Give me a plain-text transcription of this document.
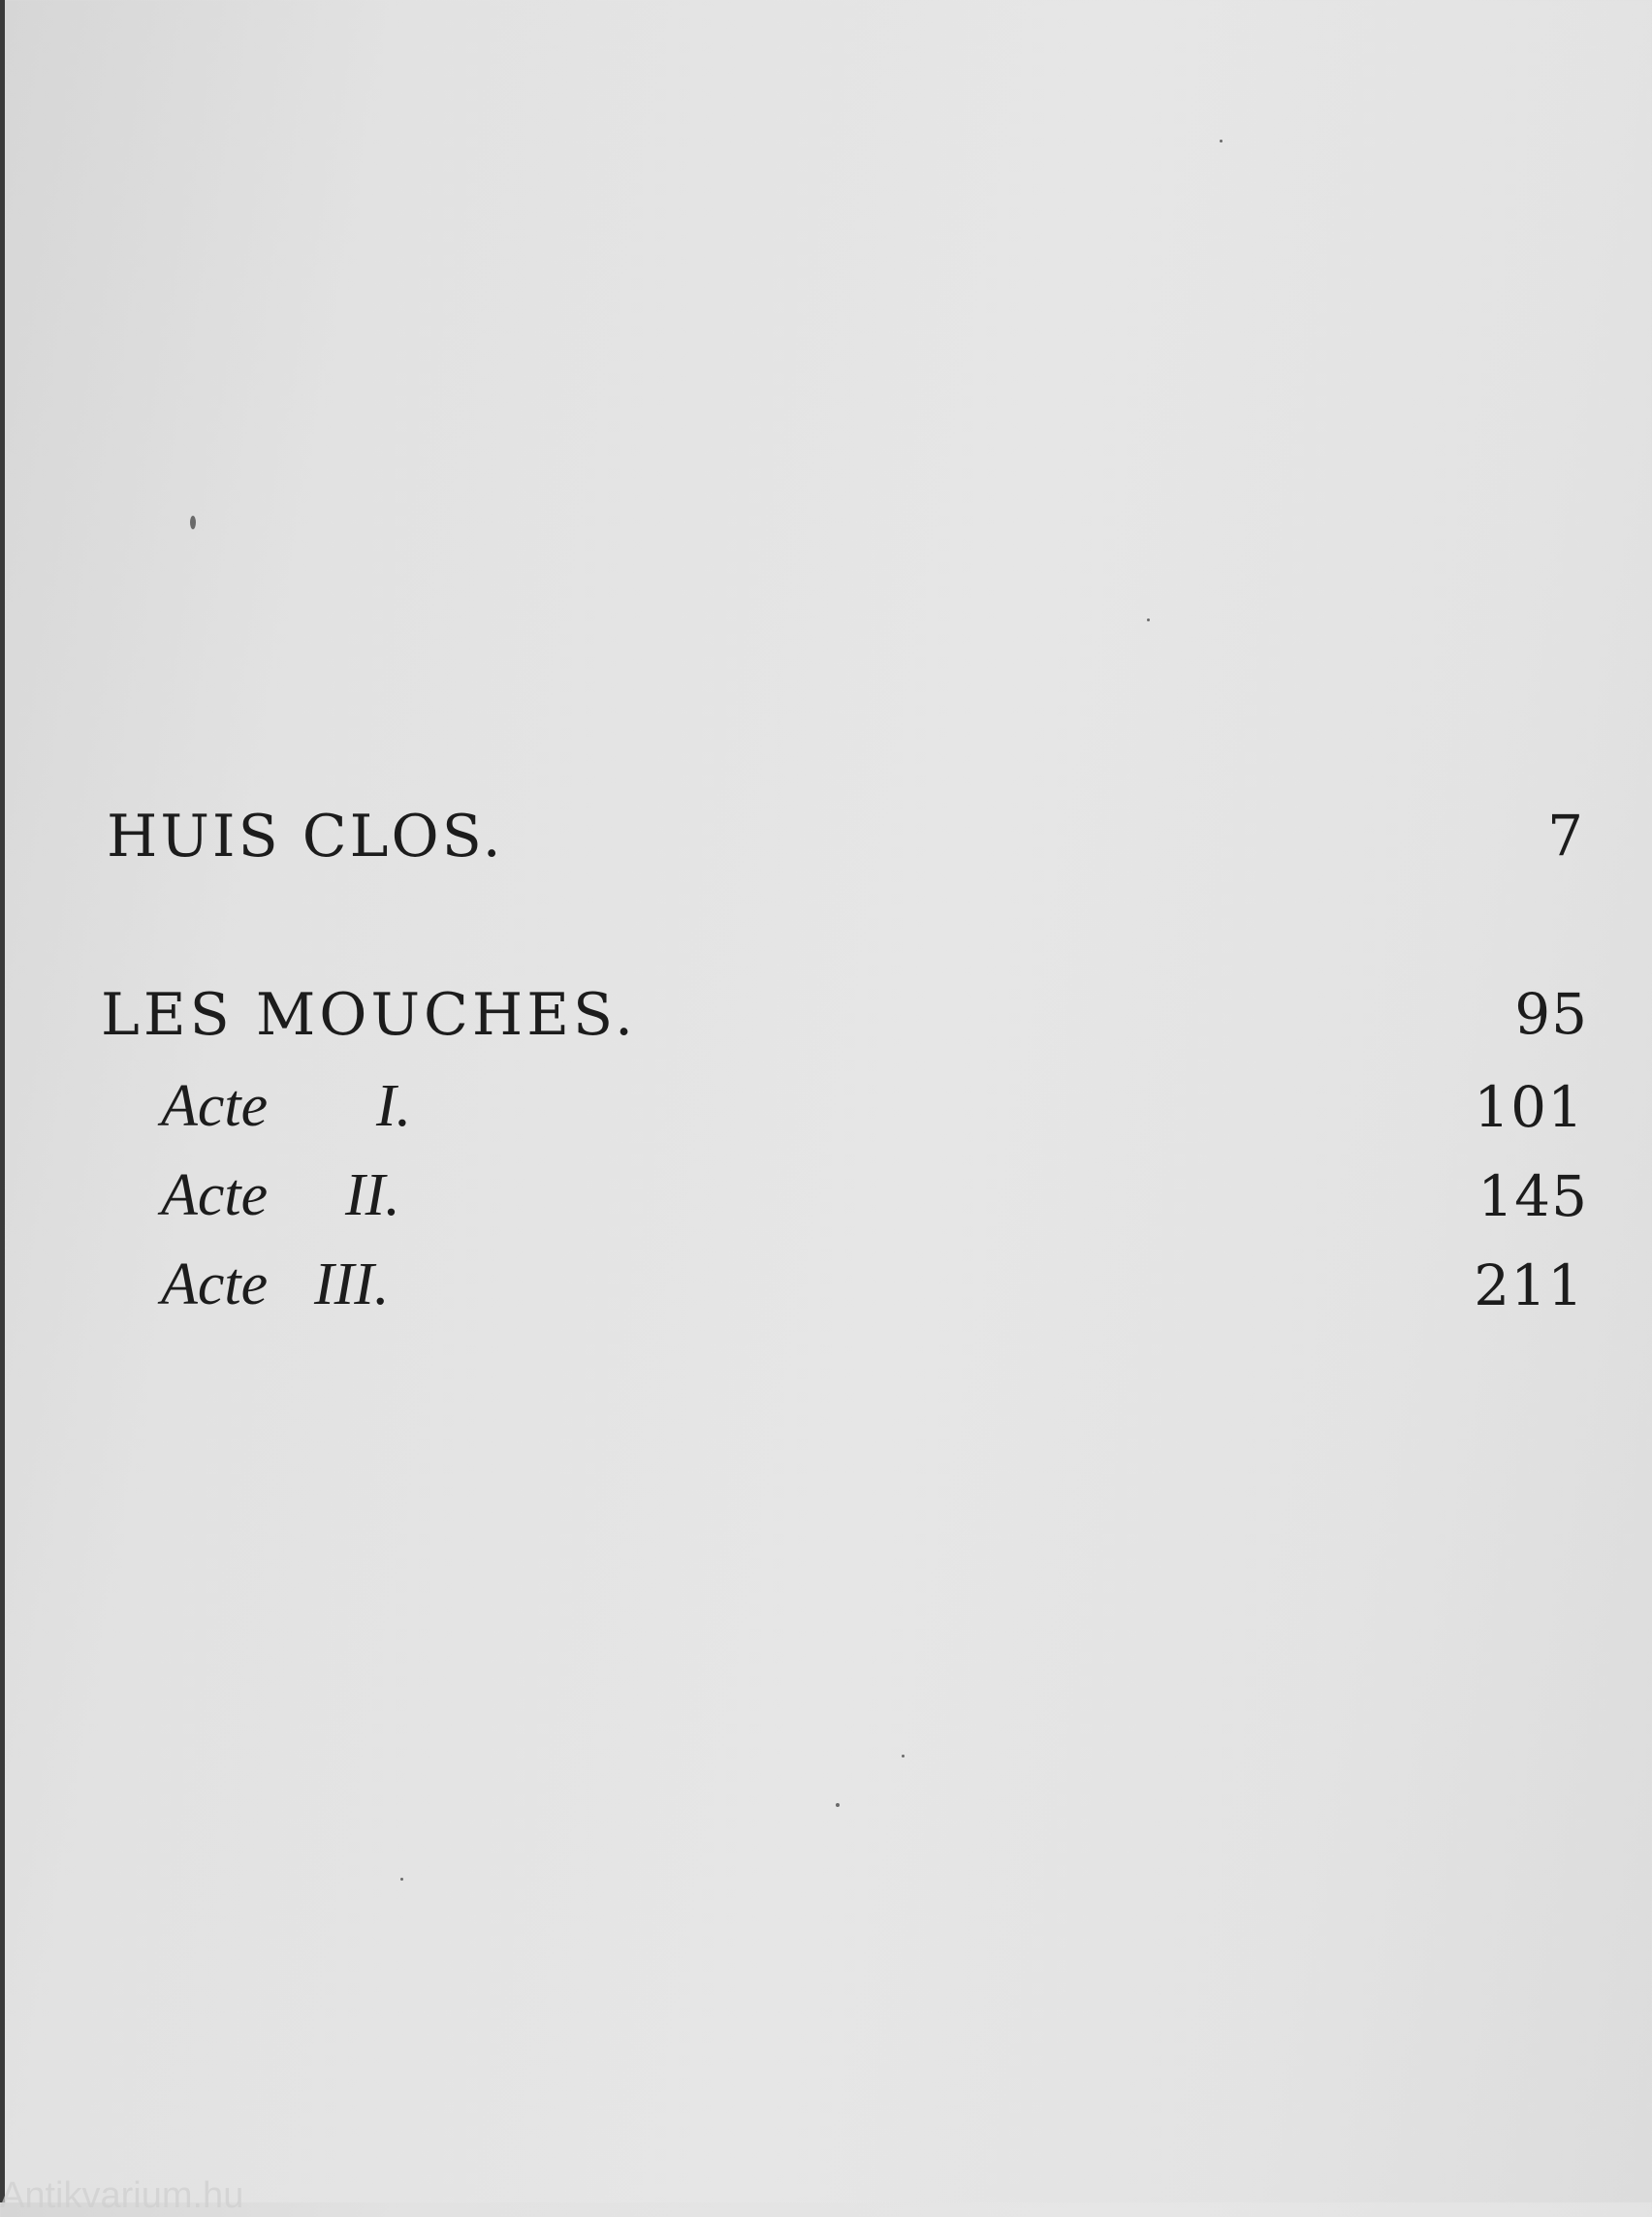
HUIS CLOS.	7
LES MOUCHES.	95
Acte I.	101
Acte II.	145
Acte III.	211
Antikvarium.hu
